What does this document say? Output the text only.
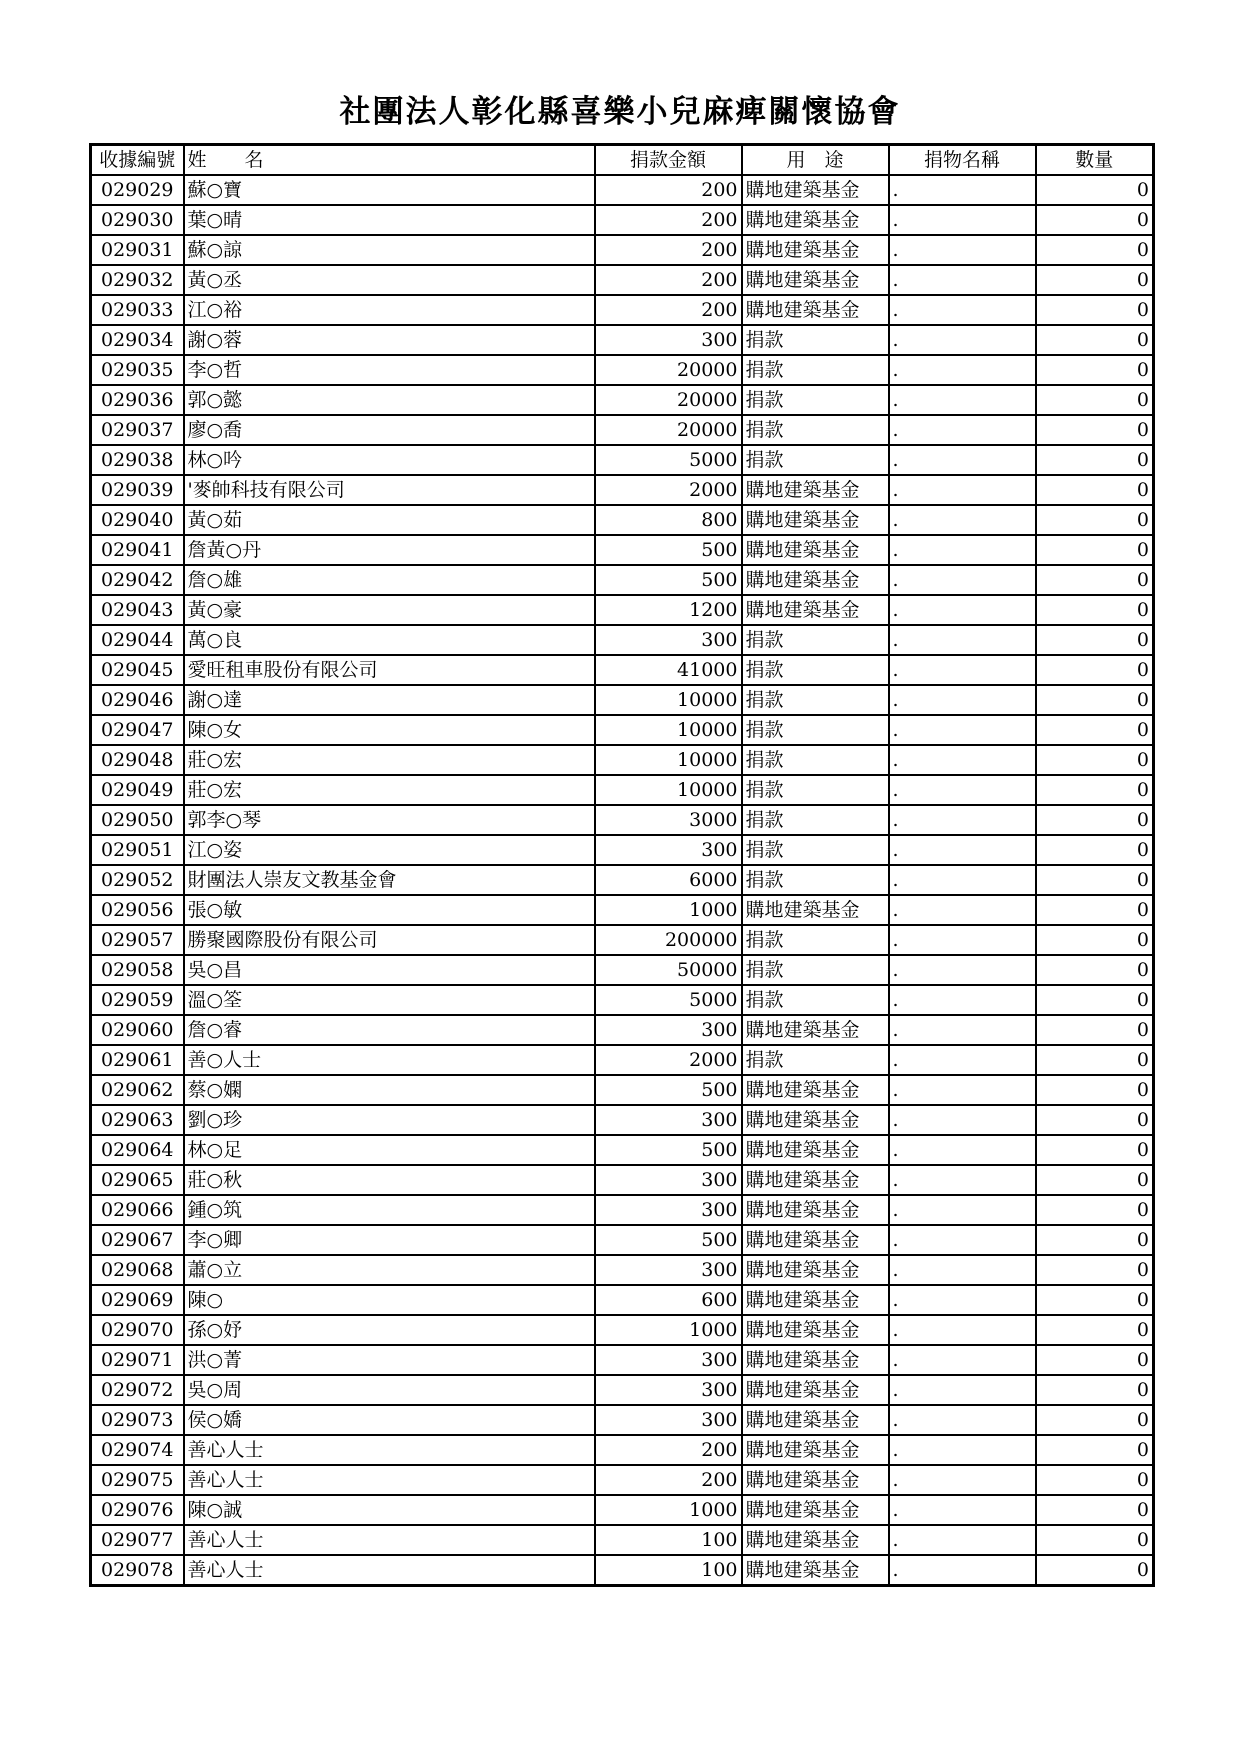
社團法人彰化縣喜樂小兒麻痺關懷協會
收據編號	姓　　名	捐款金額	用　途	捐物名稱	數量
029029	蘇○寶	200	購地建築基金	.	0
029030	葉○晴	200	購地建築基金	.	0
029031	蘇○諒	200	購地建築基金	.	0
029032	黃○丞	200	購地建築基金	.	0
029033	江○裕	200	購地建築基金	.	0
029034	謝○蓉	300	捐款	.	0
029035	李○哲	20000	捐款	.	0
029036	郭○懿	20000	捐款	.	0
029037	廖○喬	20000	捐款	.	0
029038	林○吟	5000	捐款	.	0
029039	'麥帥科技有限公司	2000	購地建築基金	.	0
029040	黃○茹	800	購地建築基金	.	0
029041	詹黃○丹	500	購地建築基金	.	0
029042	詹○雄	500	購地建築基金	.	0
029043	黃○豪	1200	購地建築基金	.	0
029044	萬○良	300	捐款	.	0
029045	愛旺租車股份有限公司	41000	捐款	.	0
029046	謝○達	10000	捐款	.	0
029047	陳○女	10000	捐款	.	0
029048	莊○宏	10000	捐款	.	0
029049	莊○宏	10000	捐款	.	0
029050	郭李○琴	3000	捐款	.	0
029051	江○姿	300	捐款	.	0
029052	財團法人崇友文教基金會	6000	捐款	.	0
029056	張○敏	1000	購地建築基金	.	0
029057	勝聚國際股份有限公司	200000	捐款	.	0
029058	吳○昌	50000	捐款	.	0
029059	溫○筌	5000	捐款	.	0
029060	詹○睿	300	購地建築基金	.	0
029061	善○人士	2000	捐款	.	0
029062	蔡○嫻	500	購地建築基金	.	0
029063	劉○珍	300	購地建築基金	.	0
029064	林○足	500	購地建築基金	.	0
029065	莊○秋	300	購地建築基金	.	0
029066	鍾○筑	300	購地建築基金	.	0
029067	李○卿	500	購地建築基金	.	0
029068	蕭○立	300	購地建築基金	.	0
029069	陳○	600	購地建築基金	.	0
029070	孫○妤	1000	購地建築基金	.	0
029071	洪○菁	300	購地建築基金	.	0
029072	吳○周	300	購地建築基金	.	0
029073	侯○嬌	300	購地建築基金	.	0
029074	善心人士	200	購地建築基金	.	0
029075	善心人士	200	購地建築基金	.	0
029076	陳○誠	1000	購地建築基金	.	0
029077	善心人士	100	購地建築基金	.	0
029078	善心人士	100	購地建築基金	.	0
